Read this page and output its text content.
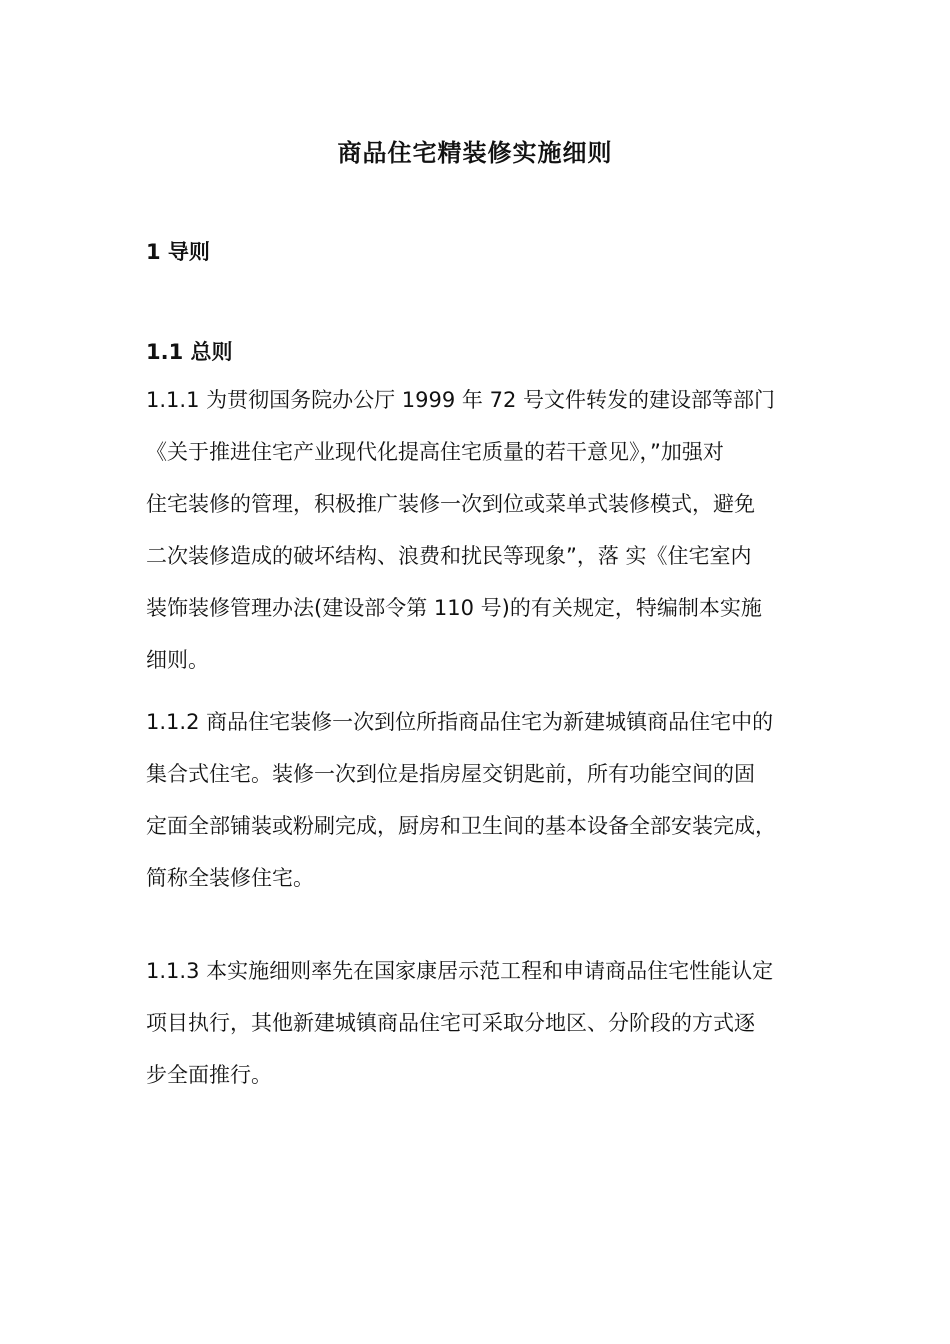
商品住宅精装修实施细则
1 导则
1.1 总则
1.1.1 为贯彻国务院办公厅 1999 年 72 号文件转发的建设部等部门
《关于推进住宅产业现代化提高住宅质量的若干意见》，”加强对
住宅装修的管理，积极推广装修一次到位或菜单式装修模式，避免
二次装修造成的破坏结构、浪费和扰民等现象”，落 实《住宅室内
装饰装修管理办法(建设部令第 110 号)的有关规定，特编制本实施
细则。
1.1.2 商品住宅装修一次到位所指商品住宅为新建城镇商品住宅中的
集合式住宅。装修一次到位是指房屋交钥匙前，所有功能空间的固
定面全部铺装或粉刷完成，厨房和卫生间的基本设备全部安装完成，
简称全装修住宅。
1.1.3 本实施细则率先在国家康居示范工程和申请商品住宅性能认定
项目执行，其他新建城镇商品住宅可采取分地区、分阶段的方式逐
步全面推行。
